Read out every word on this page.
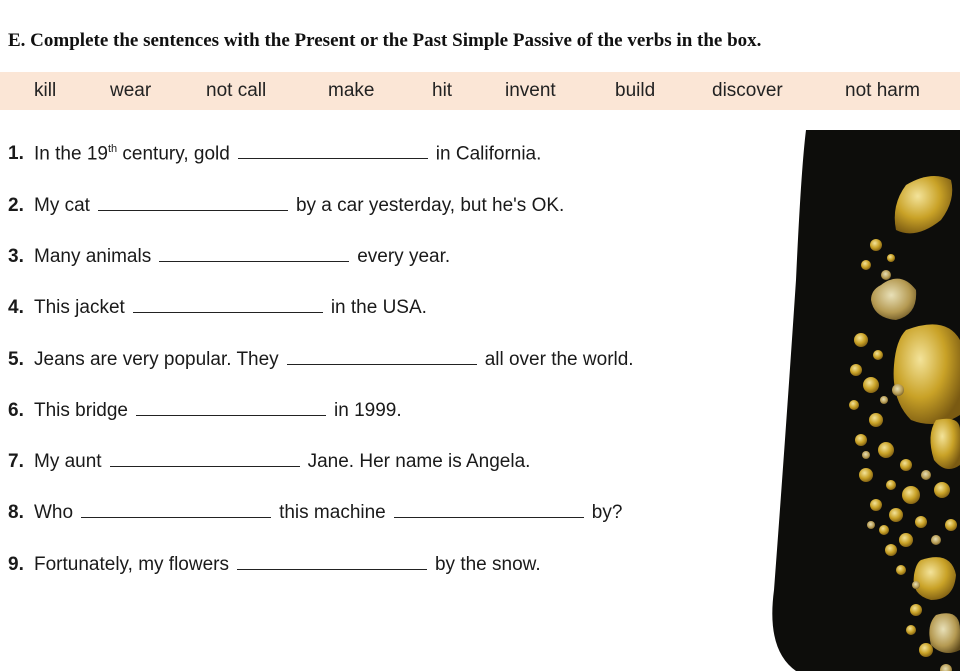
E. Complete the sentences with the Present or the Past Simple Passive of the verbs in the box.
kill	wear	not call	make	hit	invent	build	discover	not harm
1. In the 19th century, gold	in California.
2. My cat	by a car yesterday, but he's OK.
3. Many animals	every year.
4. This jacket	in the USA.
5. Jeans are very popular. They	all over the world.
6. This bridge	in 1999.
7. My aunt	Jane. Her name is Angela.
8. Who	this machine	by?
9. Fortunately, my flowers	by the snow.
